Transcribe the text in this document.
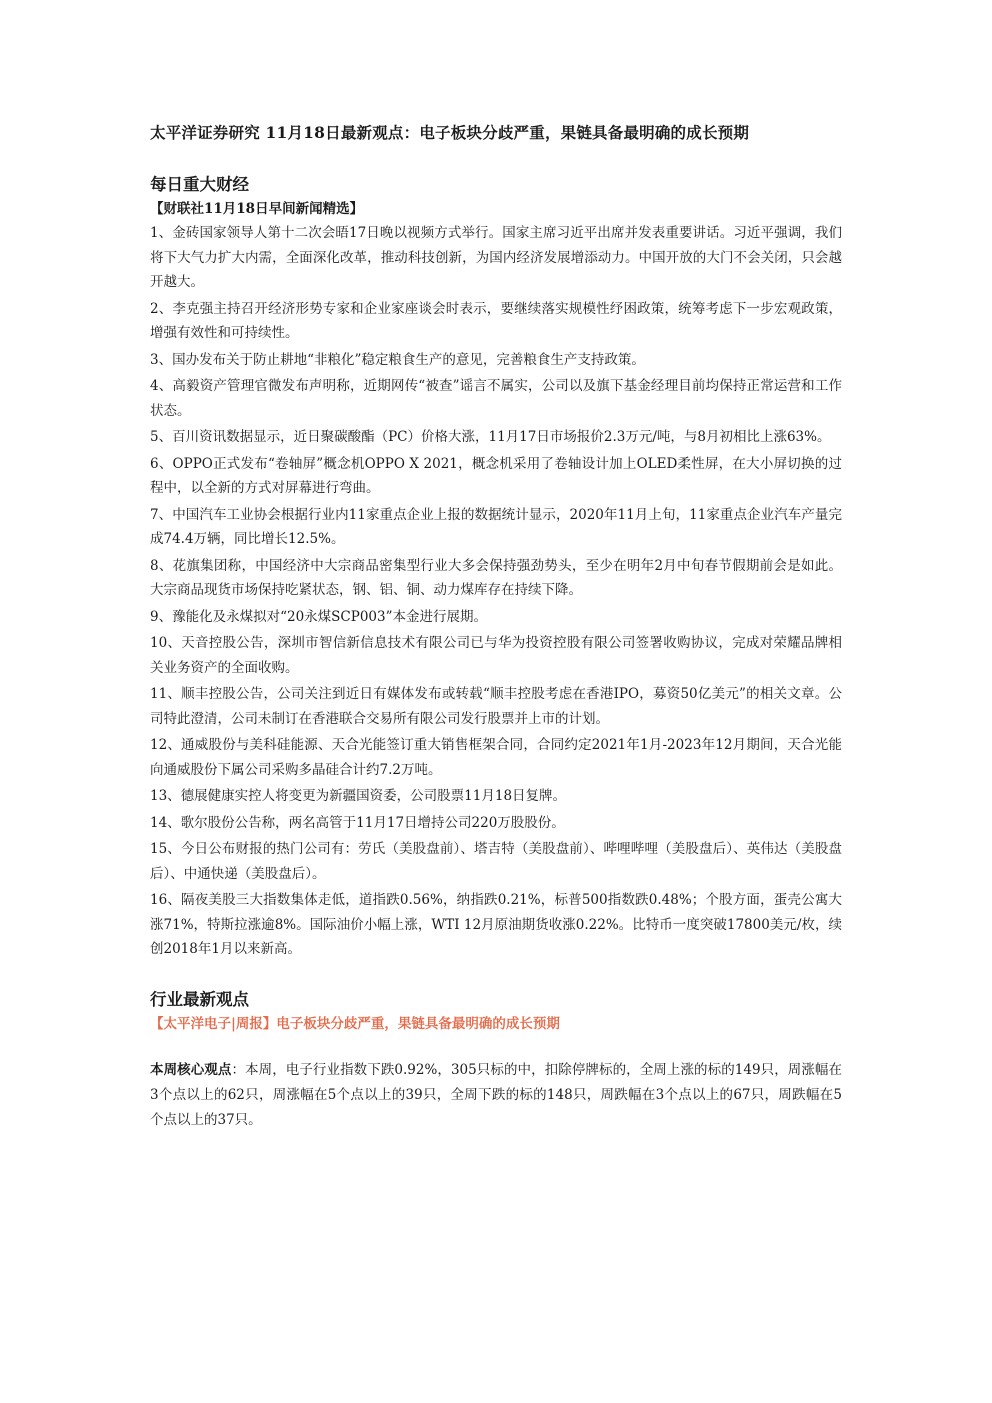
太平洋证券研究 11月18日最新观点：电子板块分歧严重，果链具备最明确的成长预期
每日重大财经
【财联社11月18日早间新闻精选】
1、金砖国家领导人第十二次会晤17日晚以视频方式举行。国家主席习近平出席并发表重要讲话。习近平强调，我们将下大气力扩大内需，全面深化改革，推动科技创新，为国内经济发展增添动力。中国开放的大门不会关闭，只会越开越大。
2、李克强主持召开经济形势专家和企业家座谈会时表示，要继续落实规模性纾困政策，统筹考虑下一步宏观政策，增强有效性和可持续性。
3、国办发布关于防止耕地“非粮化”稳定粮食生产的意见，完善粮食生产支持政策。
4、高毅资产管理官微发布声明称，近期网传“被查”谣言不属实，公司以及旗下基金经理目前均保持正常运营和工作状态。
5、百川资讯数据显示，近日聚碳酸酯（PC）价格大涨，11月17日市场报价2.3万元/吨，与8月初相比上涨63%。
6、OPPO正式发布“卷轴屏”概念机OPPO X 2021，概念机采用了卷轴设计加上OLED柔性屏，在大小屏切换的过程中，以全新的方式对屏幕进行弯曲。
7、中国汽车工业协会根据行业内11家重点企业上报的数据统计显示，2020年11月上旬，11家重点企业汽车产量完成74.4万辆，同比增长12.5%。
8、花旗集团称，中国经济中大宗商品密集型行业大多会保持强劲势头，至少在明年2月中旬春节假期前会是如此。大宗商品现货市场保持吃紧状态，钢、铝、铜、动力煤库存在持续下降。
9、豫能化及永煤拟对“20永煤SCP003”本金进行展期。
10、天音控股公告，深圳市智信新信息技术有限公司已与华为投资控股有限公司签署收购协议，完成对荣耀品牌相关业务资产的全面收购。
11、顺丰控股公告，公司关注到近日有媒体发布或转载“顺丰控股考虑在香港IPO，募资50亿美元”的相关文章。公司特此澄清，公司未制订在香港联合交易所有限公司发行股票并上市的计划。
12、通威股份与美科硅能源、天合光能签订重大销售框架合同，合同约定2021年1月-2023年12月期间，天合光能向通威股份下属公司采购多晶硅合计约7.2万吨。
13、德展健康实控人将变更为新疆国资委，公司股票11月18日复牌。
14、歌尔股份公告称，两名高管于11月17日增持公司220万股股份。
15、今日公布财报的热门公司有：劳氏（美股盘前）、塔吉特（美股盘前）、哔哩哔哩（美股盘后）、英伟达（美股盘后）、中通快递（美股盘后）。
16、隔夜美股三大指数集体走低，道指跌0.56%，纳指跌0.21%，标普500指数跌0.48%；个股方面，蛋壳公寓大涨71%，特斯拉涨逾8%。国际油价小幅上涨，WTI 12月原油期货收涨0.22%。比特币一度突破17800美元/枚，续创2018年1月以来新高。
行业最新观点
【太平洋电子|周报】电子板块分歧严重，果链具备最明确的成长预期

本周核心观点：本周，电子行业指数下跌0.92%，305只标的中，扣除停牌标的，全周上涨的标的149只，周涨幅在3个点以上的62只，周涨幅在5个点以上的39只，全周下跌的标的148只，周跌幅在3个点以上的67只，周跌幅在5个点以上的37只。
